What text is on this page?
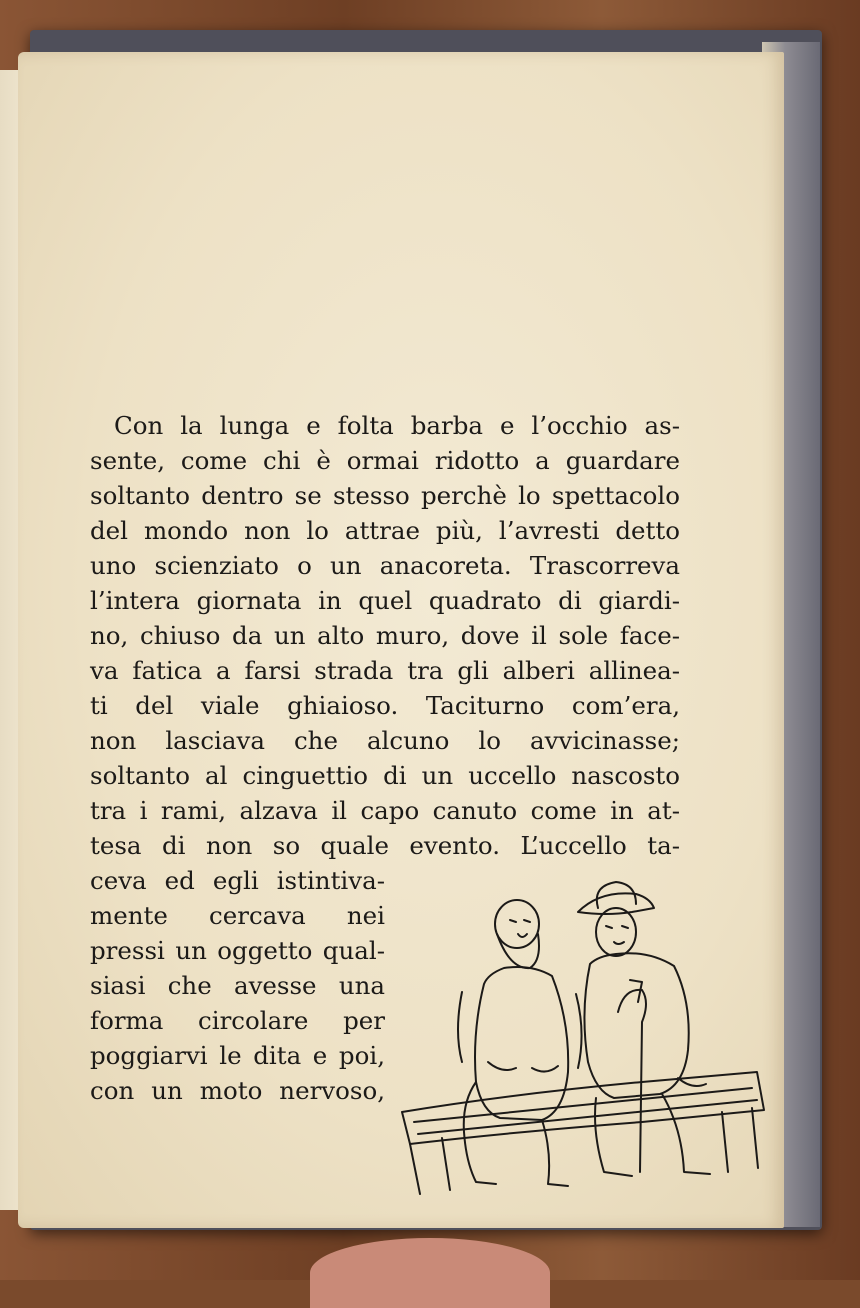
Con la lunga e folta barba e l’occhio as-
sente, come chi è ormai ridotto a guardare
soltanto dentro se stesso perchè lo spettacolo
del mondo non lo attrae più, l’avresti detto
uno scienziato o un anacoreta. Trascorreva
l’intera giornata in quel quadrato di giardi-
no, chiuso da un alto muro, dove il sole face-
va fatica a farsi strada tra gli alberi allinea-
ti del viale ghiaioso. Taciturno com’era,
non lasciava che alcuno lo avvicinasse;
soltanto al cinguettio di un uccello nascosto
tra i rami, alzava il capo canuto come in at-
tesa di non so quale evento. L’uccello ta-
ceva ed egli istintiva-
mente cercava nei
pressi un oggetto qual-
siasi che avesse una
forma circolare per
poggiarvi le dita e poi,
con un moto nervoso,
